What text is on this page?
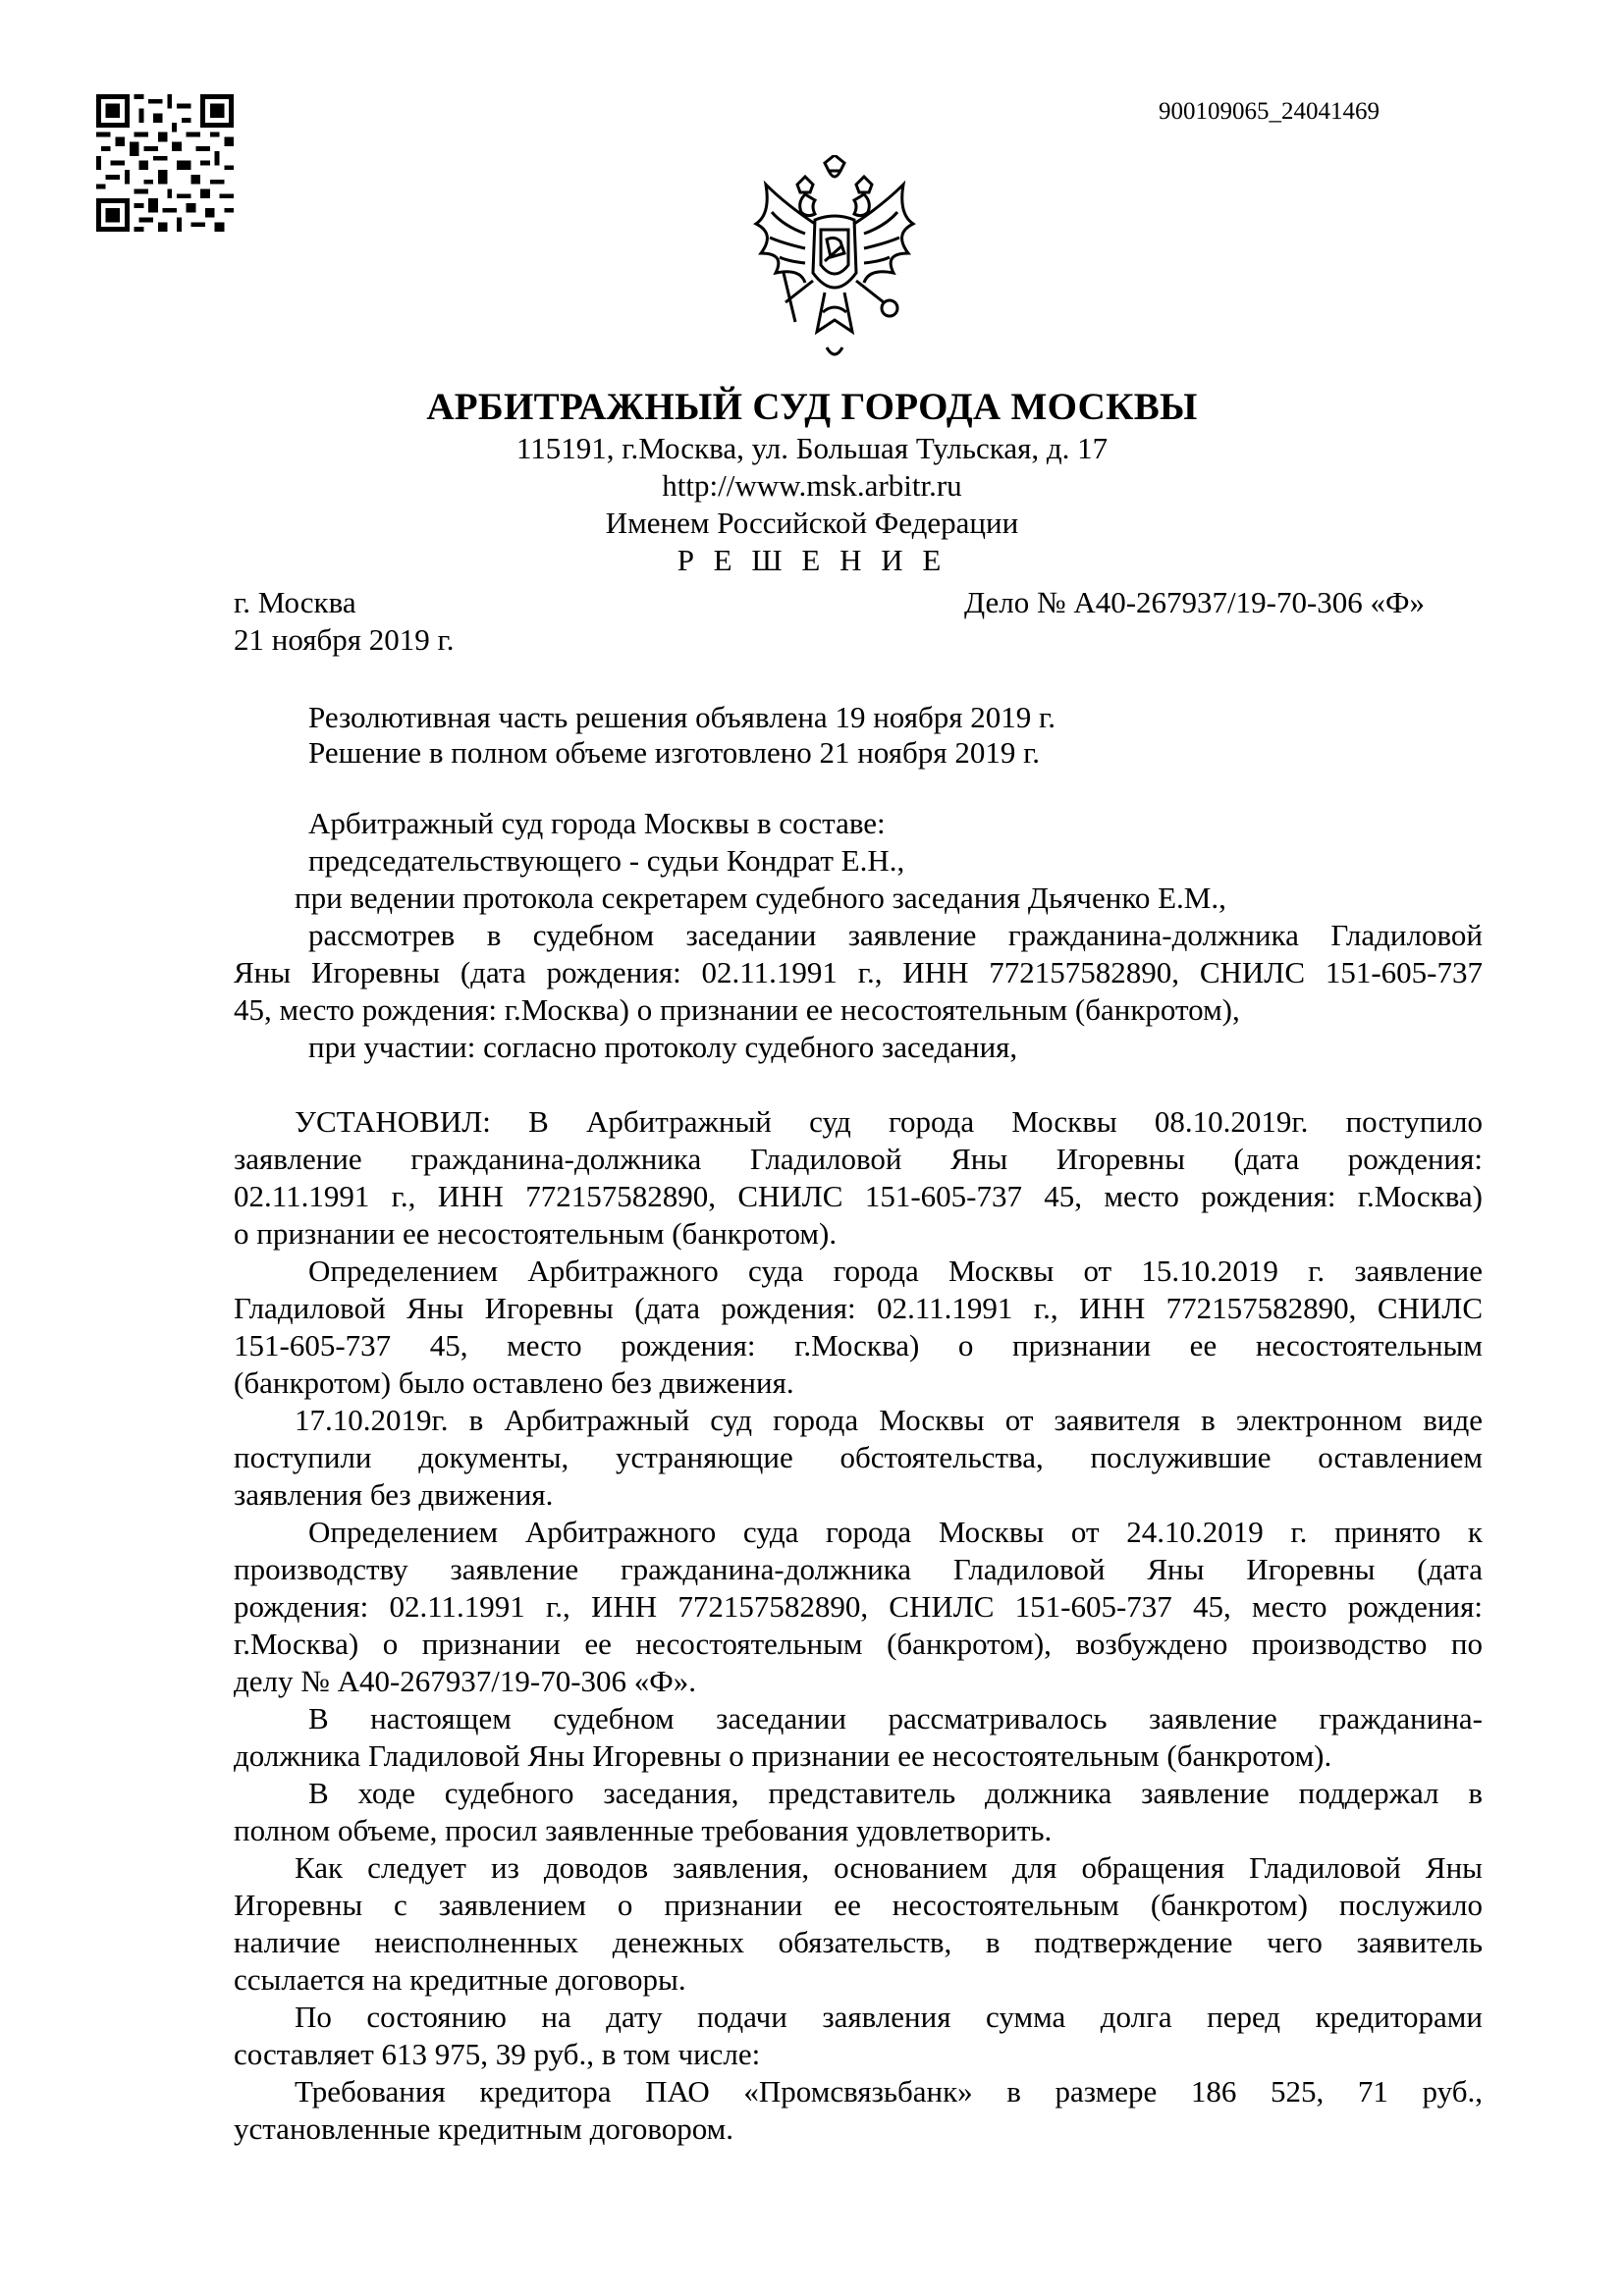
900109065_24041469
АРБИТРАЖНЫЙ СУД ГОРОДА МОСКВЫ
115191, г.Москва, ул. Большая Тульская, д. 17
http://www.msk.arbitr.ru
Именем Российской Федерации
Р Е Ш Е Н И Е
г. Москва	Дело № А40-267937/19-70-306 «Ф»
21 ноября 2019 г.
Резолютивная часть решения объявлена 19 ноября 2019 г.
Решение в полном объеме изготовлено 21 ноября 2019 г.
Арбитражный суд города Москвы в составе:
председательствующего - судьи Кондрат Е.Н.,
при ведении протокола секретарем судебного заседания Дьяченко Е.М.,
рассмотрев в судебном заседании заявление гражданина-должника Гладиловой
Яны Игоревны (дата рождения: 02.11.1991 г., ИНН 772157582890, СНИЛС 151-605-737
45, место рождения: г.Москва) о признании ее несостоятельным (банкротом),
при участии: согласно протоколу судебного заседания,
УСТАНОВИЛ: В Арбитражный суд города Москвы 08.10.2019г. поступило
заявление гражданина-должника Гладиловой Яны Игоревны (дата рождения:
02.11.1991 г., ИНН 772157582890, СНИЛС 151-605-737 45, место рождения: г.Москва)
о признании ее несостоятельным (банкротом).
Определением Арбитражного суда города Москвы от 15.10.2019 г. заявление
Гладиловой Яны Игоревны (дата рождения: 02.11.1991 г., ИНН 772157582890, СНИЛС
151-605-737 45, место рождения: г.Москва) о признании ее несостоятельным
(банкротом) было оставлено без движения.
17.10.2019г. в Арбитражный суд города Москвы от заявителя в электронном виде
поступили документы, устраняющие обстоятельства, послужившие оставлением
заявления без движения.
Определением Арбитражного суда города Москвы от 24.10.2019 г. принято к
производству заявление гражданина-должника Гладиловой Яны Игоревны (дата
рождения: 02.11.1991 г., ИНН 772157582890, СНИЛС 151-605-737 45, место рождения:
г.Москва) о признании ее несостоятельным (банкротом), возбуждено производство по
делу № А40-267937/19-70-306 «Ф».
В настоящем судебном заседании рассматривалось заявление гражданина-
должника Гладиловой Яны Игоревны о признании ее несостоятельным (банкротом).
В ходе судебного заседания, представитель должника заявление поддержал в
полном объеме, просил заявленные требования удовлетворить.
Как следует из доводов заявления, основанием для обращения Гладиловой Яны
Игоревны с заявлением о признании ее несостоятельным (банкротом) послужило
наличие неисполненных денежных обязательств, в подтверждение чего заявитель
ссылается на кредитные договоры.
По состоянию на дату подачи заявления сумма долга перед кредиторами
составляет 613 975, 39 руб., в том числе:
Требования кредитора ПАО «Промсвязьбанк» в размере 186 525, 71 руб.,
установленные кредитным договором.
